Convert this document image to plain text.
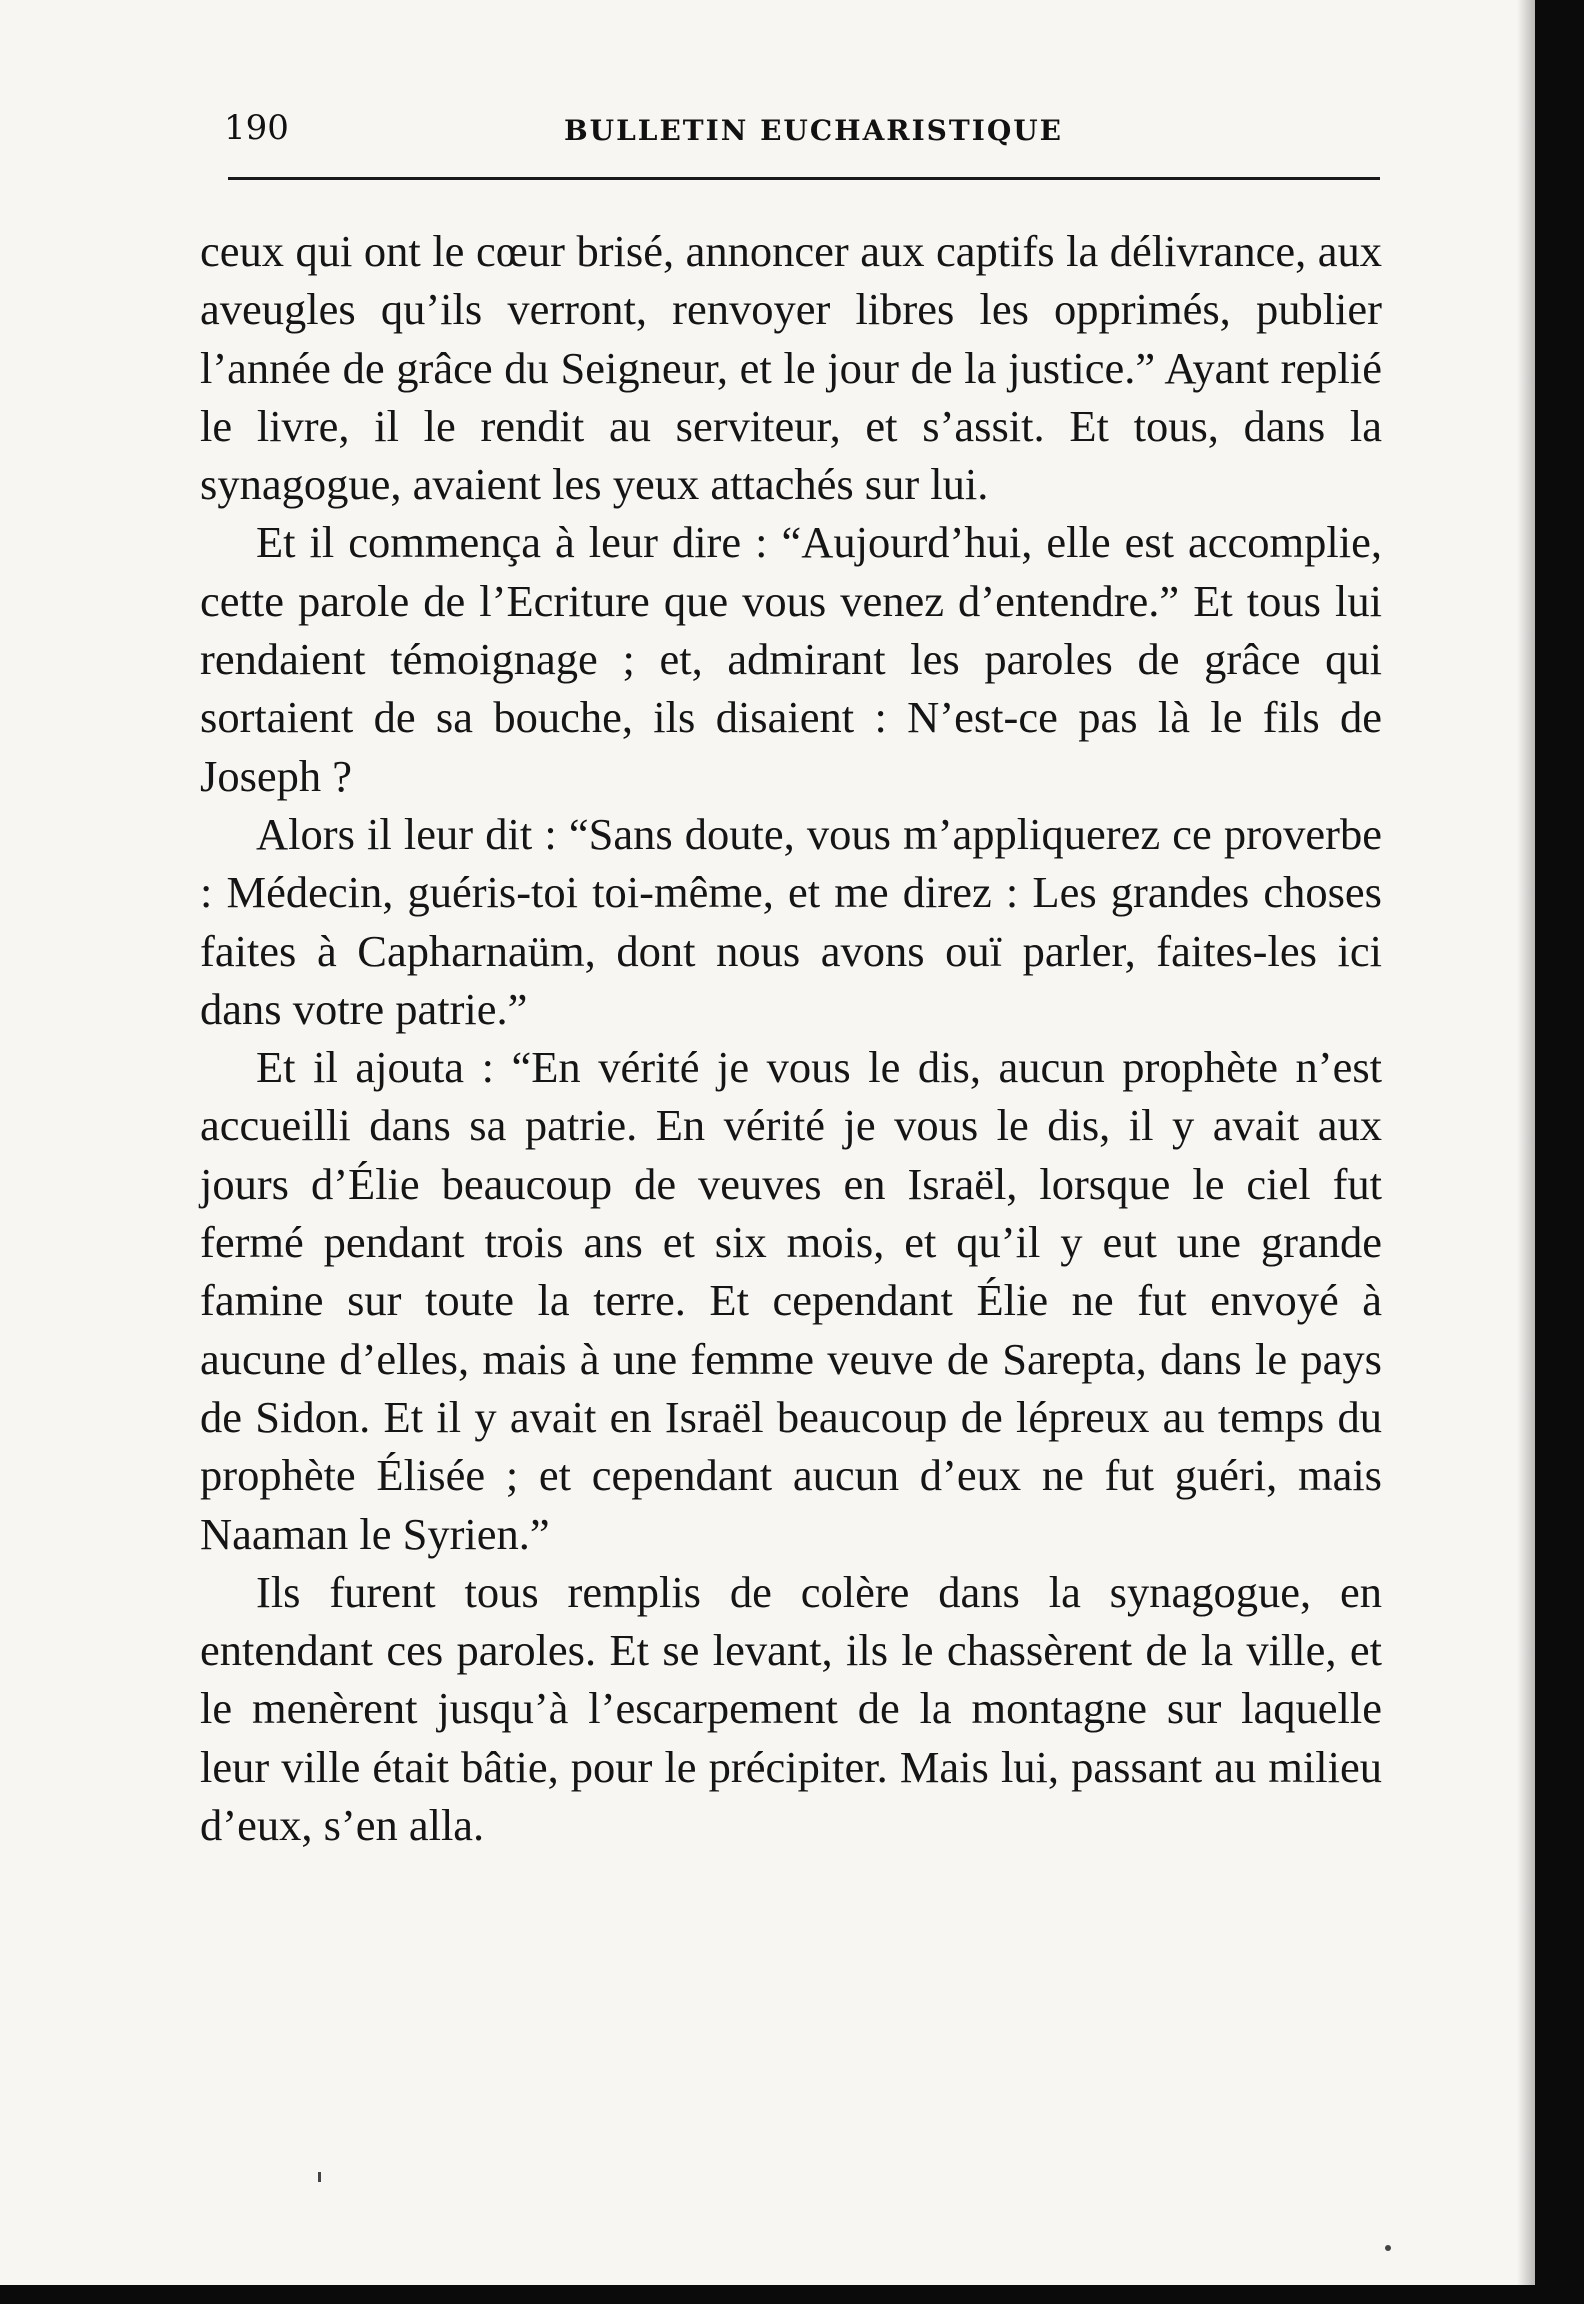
190	BULLETIN EUCHARISTIQUE

ceux qui ont le cœur brisé, annoncer aux captifs la délivrance, aux aveugles qu’ils verront, renvoyer libres les opprimés, publier l’année de grâce du Seigneur, et le jour de la justice.” Ayant replié le livre, il le rendit au serviteur, et s’assit. Et tous, dans la synagogue, avaient les yeux attachés sur lui.

Et il commença à leur dire : “Aujourd’hui, elle est accomplie, cette parole de l’Ecriture que vous venez d’entendre.” Et tous lui rendaient témoignage ; et, admirant les paroles de grâce qui sortaient de sa bouche, ils disaient : N’est-ce pas là le fils de Joseph ?

Alors il leur dit : “Sans doute, vous m’appliquerez ce proverbe : Médecin, guéris-toi toi-même, et me direz : Les grandes choses faites à Capharnaüm, dont nous avons ouï parler, faites-les ici dans votre patrie.”

Et il ajouta : “En vérité je vous le dis, aucun prophète n’est accueilli dans sa patrie. En vérité je vous le dis, il y avait aux jours d’Élie beaucoup de veuves en Israël, lorsque le ciel fut fermé pendant trois ans et six mois, et qu’il y eut une grande famine sur toute la terre. Et cependant Élie ne fut envoyé à aucune d’elles, mais à une femme veuve de Sarepta, dans le pays de Sidon. Et il y avait en Israël beaucoup de lépreux au temps du prophète Élisée ; et cependant aucun d’eux ne fut guéri, mais Naaman le Syrien.”

Ils furent tous remplis de colère dans la synagogue, en entendant ces paroles. Et se levant, ils le chassèrent de la ville, et le menèrent jusqu’à l’escarpement de la montagne sur laquelle leur ville était bâtie, pour le précipiter. Mais lui, passant au milieu d’eux, s’en alla.
